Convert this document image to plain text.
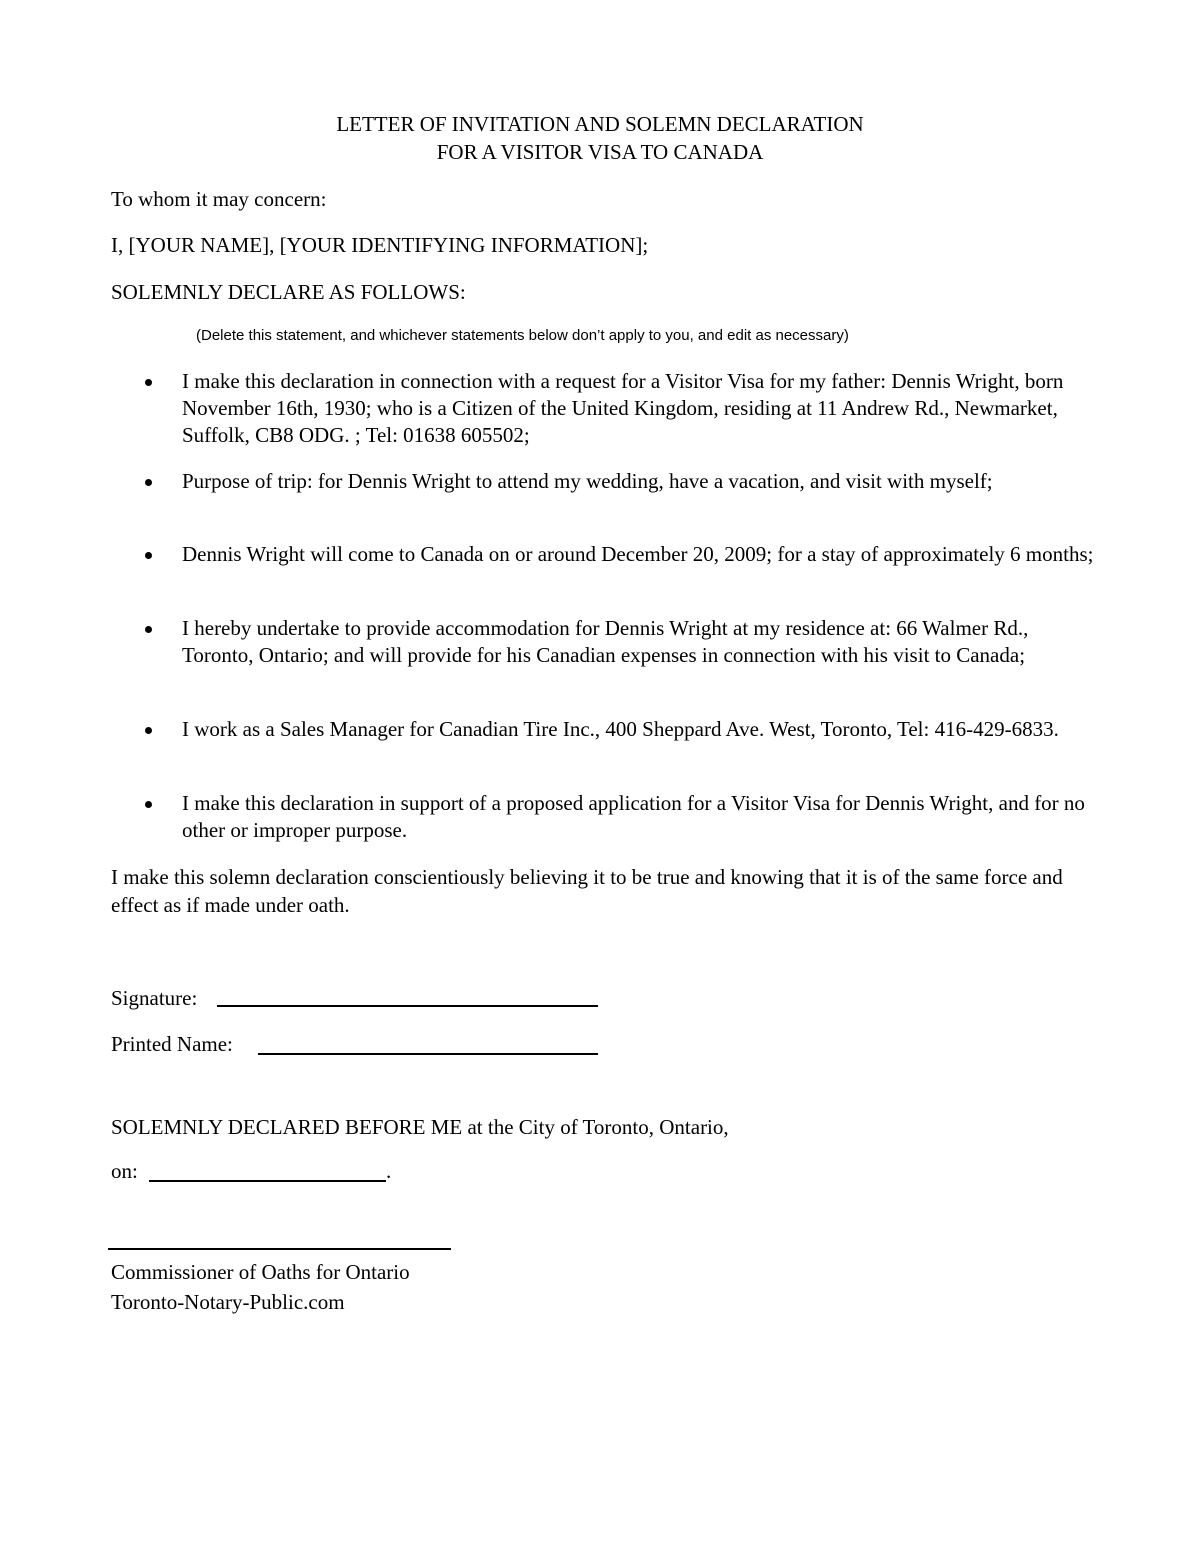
LETTER OF INVITATION AND SOLEMN DECLARATION
FOR A VISITOR VISA TO CANADA
To whom it may concern:
I, [YOUR NAME], [YOUR IDENTIFYING INFORMATION];
SOLEMNLY DECLARE AS FOLLOWS:
(Delete this statement, and whichever statements below don’t apply to you, and edit as necessary)
I make this declaration in connection with a request for a Visitor Visa for my father: Dennis Wright, born November 16th, 1930; who is a Citizen of the United Kingdom, residing at 11 Andrew Rd., Newmarket, Suffolk, CB8 ODG. ; Tel: 01638 605502;
Purpose of trip: for Dennis Wright to attend my wedding, have a vacation, and visit with myself;
Dennis Wright will come to Canada on or around December 20, 2009; for a stay of approximately 6 months;
I hereby undertake to provide accommodation for Dennis Wright at my residence at: 66 Walmer Rd., Toronto, Ontario; and will provide for his Canadian expenses in connection with his visit to Canada;
I work as a Sales Manager for Canadian Tire Inc., 400 Sheppard Ave. West, Toronto, Tel: 416-429-6833.
I make this declaration in support of a proposed application for a Visitor Visa for Dennis Wright, and for no other or improper purpose.
I make this solemn declaration conscientiously believing it to be true and knowing that it is of the same force and effect as if made under oath.
Signature:
Printed Name:
SOLEMNLY DECLARED BEFORE ME at the City of Toronto, Ontario,
on:	.
Commissioner of Oaths for Ontario
Toronto-Notary-Public.com
